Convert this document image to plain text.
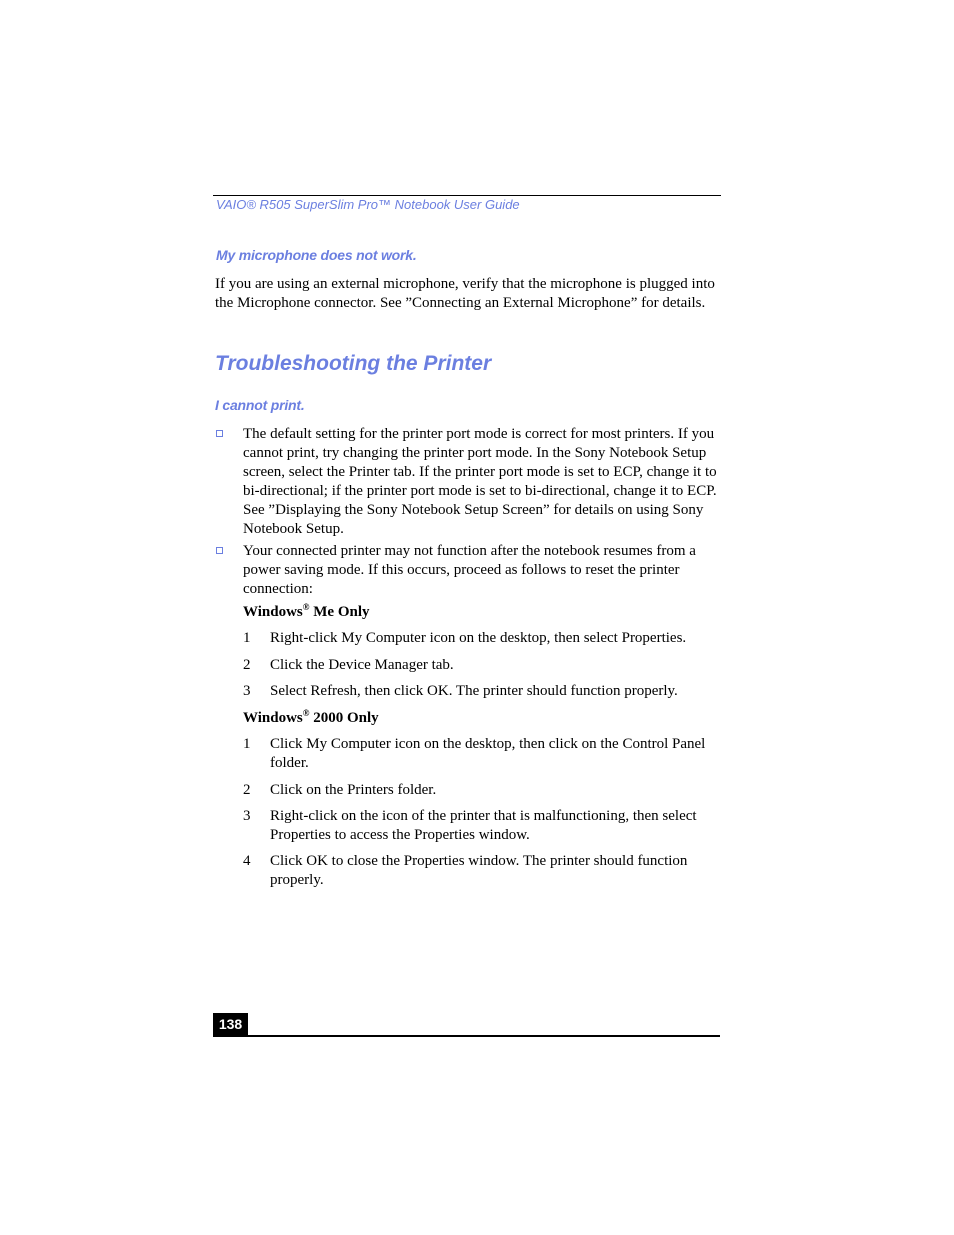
VAIO® R505 SuperSlim Pro™ Notebook User Guide
My microphone does not work.
If you are using an external microphone, verify that the microphone is plugged into the Microphone connector. See ”Connecting an External Microphone” for details.
Troubleshooting the Printer
I cannot print.
The default setting for the printer port mode is correct for most printers. If you cannot print, try changing the printer port mode. In the Sony Notebook Setup screen, select the Printer tab. If the printer port mode is set to ECP, change it to bi-directional; if the printer port mode is set to bi-directional, change it to ECP. See ”Displaying the Sony Notebook Setup Screen” for details on using Sony Notebook Setup.
Your connected printer may not function after the notebook resumes from a power saving mode. If this occurs, proceed as follows to reset the printer connection:
Windows® Me Only
1 Right-click My Computer icon on the desktop, then select Properties.
2 Click the Device Manager tab.
3 Select Refresh, then click OK. The printer should function properly.
Windows® 2000 Only
1 Click My Computer icon on the desktop, then click on the Control Panel folder.
2 Click on the Printers folder.
3 Right-click on the icon of the printer that is malfunctioning, then select Properties to access the Properties window.
4 Click OK to close the Properties window. The printer should function properly.
138
